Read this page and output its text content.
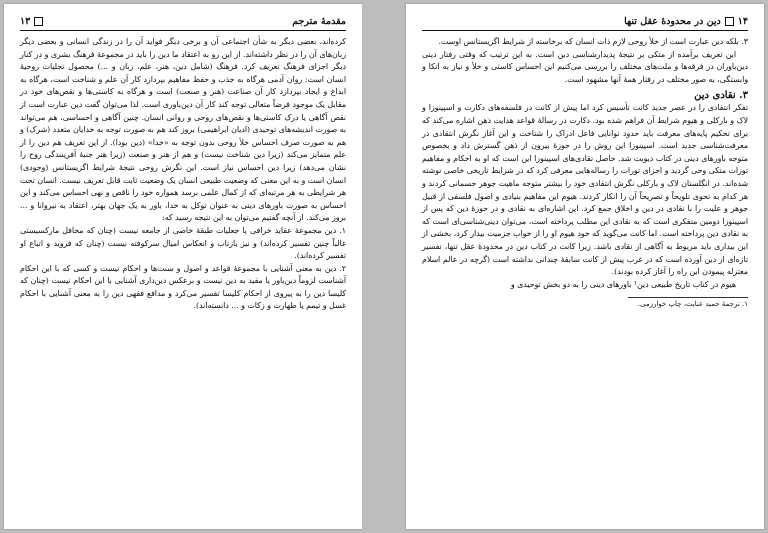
مقدمهٔ مترجم
۱۳

کرده‌اند، بعضی دیگر به شأن اجتماعی آن و برخی دیگر فواید آن را در زندگی انسانی و بعضی دیگر زبان‌های آن را در نظر داشته‌اند. از این رو به اعتقاد ما دین را باید در مجموعهٔ فرهنگ بشری و در کنار دیگر اجزای فرهنگ تعریف کرد. فرهنگ (شامل دین، هنر، علم، زبان و ...) محصول تجلیات روحیهٔ انسان است: روان آدمی هرگاه به جذب و حفظ مفاهیم بپردازد کار آن علم و شناخت است، هرگاه به ابداع و ایجاد بپردازد کار آن صناعت (هنر و صنعت) است و هرگاه به کاستی‌ها و نقص‌های خود در مقابل یک موجود فرضاً متعالی توجه کند کار آن دین‌باوری است. لذا می‌توان گفت دین عبارت است از نقص آگاهی یا درک کاستی‌ها و نقص‌های روحی و روانی انسان. چنین آگاهی و احساسی، هم می‌تواند به صورت اندیشه‌های توحیدی (ادیان ابراهیمی) بروز کند هم به صورت توجه به خدایان متعدد (شرک) و هم به صورت صرف احساس خلأ روحی بدون توجه به «خدا» (دین بودا). از این تعریف هم دین را از علم متمایز می‌کند (زیرا دین شناخت نیست) و هم از هنر و صنعت (زیرا هنر جنبهٔ آفرینندگی روح را نشان می‌دهد) زیرا دین احساس نیاز است. این نگرش روحی نتیجهٔ شرایط اگزیستانس (وجودی) انسان است و به این معنی که وضعیت طبیعی انسان یک وضعیت ثابت قابل تعریف نیست. انسان تحت هر شرایطی به هر مرتبه‌ای که از کمال علمی برسد همواره خود را ناقص و نهی احساس می‌کند و این احساس به صورت باورهای دینی به عنوان توکل به خدا، باور به یک جهان بهتر، اعتقاد به نیروانا و ... بروز می‌کند. از آنچه گفتیم می‌توان به این نتیجه رسید که:

۱. دین مجموعهٔ عقاید خرافی یا جعلیات طبقهٔ خاصی از جامعه نیست (چنان که محافل مارکسیستی غالباً چنین تفسیر کرده‌اند) و نیز بازتاب و انعکاس امیال سرکوفته نیست (چنان که فروید و اتباع او تفسیر کرده‌اند).

۲. دین به معنی آشنایی با مجموعهٔ قواعد و اصول و سنت‌ها و احکام نیست و کسی که با این احکام آشناست لزوماً دین‌باور یا مقید به دین نیست و برعکس دین‌داری آشنایی با این احکام نیست (چنان که کلیسا دین را به پیروی از احکام کلیسا تفسیر می‌کرد و مدافع فقهی دین را به معنی آشنایی با احکام غسل و تیمم یا طهارت و زکات و ... دانسته‌اند).

۱۴
دین در محدودهٔ عقل تنها

۳. بلکه دین عبارت است از خلأ روحی لازم ذات انسان که برخاسته از شرایط اگزیستانس اوست.

این تعریف برآمده از متکی بر نتیجهٔ پدیدارشناسی دین است. به این ترتیب که وقتی رفتار دینی دین‌باوران در فرقه‌ها و ملت‌های مختلف را بررسی می‌کنیم این احساس کاستی و خلأ و نیاز به اتکا و وابستگی، به صور مختلف در رفتار همهٔ آنها مشهود است.

۳. نقادی دین

تفکر انتقادی را در عصر جدید کانت تأسیس کرد اما پیش از کانت در فلسفه‌های دکارت و اسپینوزا و لاک و بارکلی و هیوم شرایط آن فراهم شده بود. دکارت در رسالهٔ قواعد هدایت ذهن اشاره می‌کند که برای تحکیم پایه‌های معرفت باید حدود توانایی فاعل ادراک را شناخت و این آغاز نگرش انتقادی در معرفت‌شناسی جدید است. اسپینوزا این روش را در حوزهٔ بیرون از ذهن گسترش داد و بخصوص متوجه باورهای دینی در کتاب دیوبت شد. حاصل نقادی‌های اسپینوزا این است که او به احکام و مفاهیم تورات متکی وحی گردید و اجزای تورات را رساله‌هایی معرفی کرد که در شرایط تاریخی خاصی نوشته شده‌اند. در انگلستان لاک و بارکلی نگرش انتقادی خود را بیشتر متوجه ماهیت جوهر جسمانی کردند و هر کدام به نحوی تلویحاً و تصریحاً آن را انکار کردند. هیوم این مفاهیم بنیادی و اصول فلسفی از قبیل جوهر و علیت را با نقادی در دین و اخلاق جمع کرد. این اشاره‌ای به نقادی و در حوزهٔ دین که پس از اسپینوزا دومین متفکری است که به نقادی این مطلب پرداخته است، می‌توان دینی‌شناسی‌ای است که به نقادی دین پرداخته است. اما کانت می‌گوید که خود هیوم او را از خواب جزمیت بیدار کرد، بخشی از این بیداری باید مربوط به آگاهی از نقادی باشد. زیرا کانت در کتاب دین در محدودهٔ عقل تنها، تفسیر تازه‌ای از دین آورده است که در غرب پیش از کانت سابقهٔ چندانی نداشته است (گرچه در عالم اسلام معتزله پیمودن این راه را آغاز کرده بودند).

هیوم در کتاب تاریخ طبیعی دین¹ باورهای دینی را به دو بخش توحیدی و

۱. ترجمهٔ حمید عنایت، چاپ خوارزمی.
